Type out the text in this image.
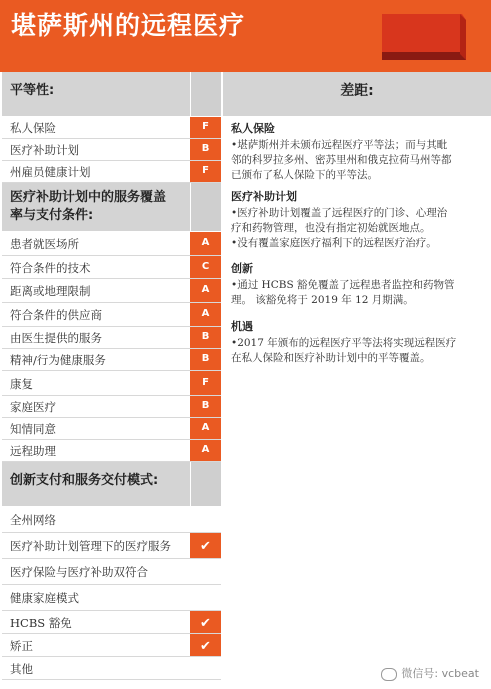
堪萨斯州的远程医疗
平等性:
私人保险	F
医疗补助计划	B
州雇员健康计划	F
医疗补助计划中的服务覆盖
率与支付条件:
患者就医场所	A
符合条件的技术	C
距离或地理限制	A
符合条件的供应商	A
由医生提供的服务	B
精神/行为健康服务	B
康复	F
家庭医疗	B
知情同意	A
远程助理	A
创新支付和服务交付模式:
全州网络
医疗补助计划管理下的医疗服务	✔
医疗保险与医疗补助双符合
健康家庭模式
HCBS 豁免	✔
矫正	✔
其他
差距:
私人保险
•堪萨斯州并未颁布远程医疗平等法；而与其毗
邻的科罗拉多州、密苏里州和俄克拉荷马州等都
已颁布了私人保险下的平等法。
医疗补助计划
•医疗补助计划覆盖了远程医疗的门诊、心理治
疗和药物管理，也没有指定初始就医地点。
•没有覆盖家庭医疗福利下的远程医疗治疗。
创新
•通过 HCBS 豁免覆盖了远程患者监控和药物管
理。 该豁免将于 2019 年 12 月期满。
机遇
•2017 年颁布的远程医疗平等法将实现远程医疗
在私人保险和医疗补助计划中的平等覆盖。
微信号: vcbeat
